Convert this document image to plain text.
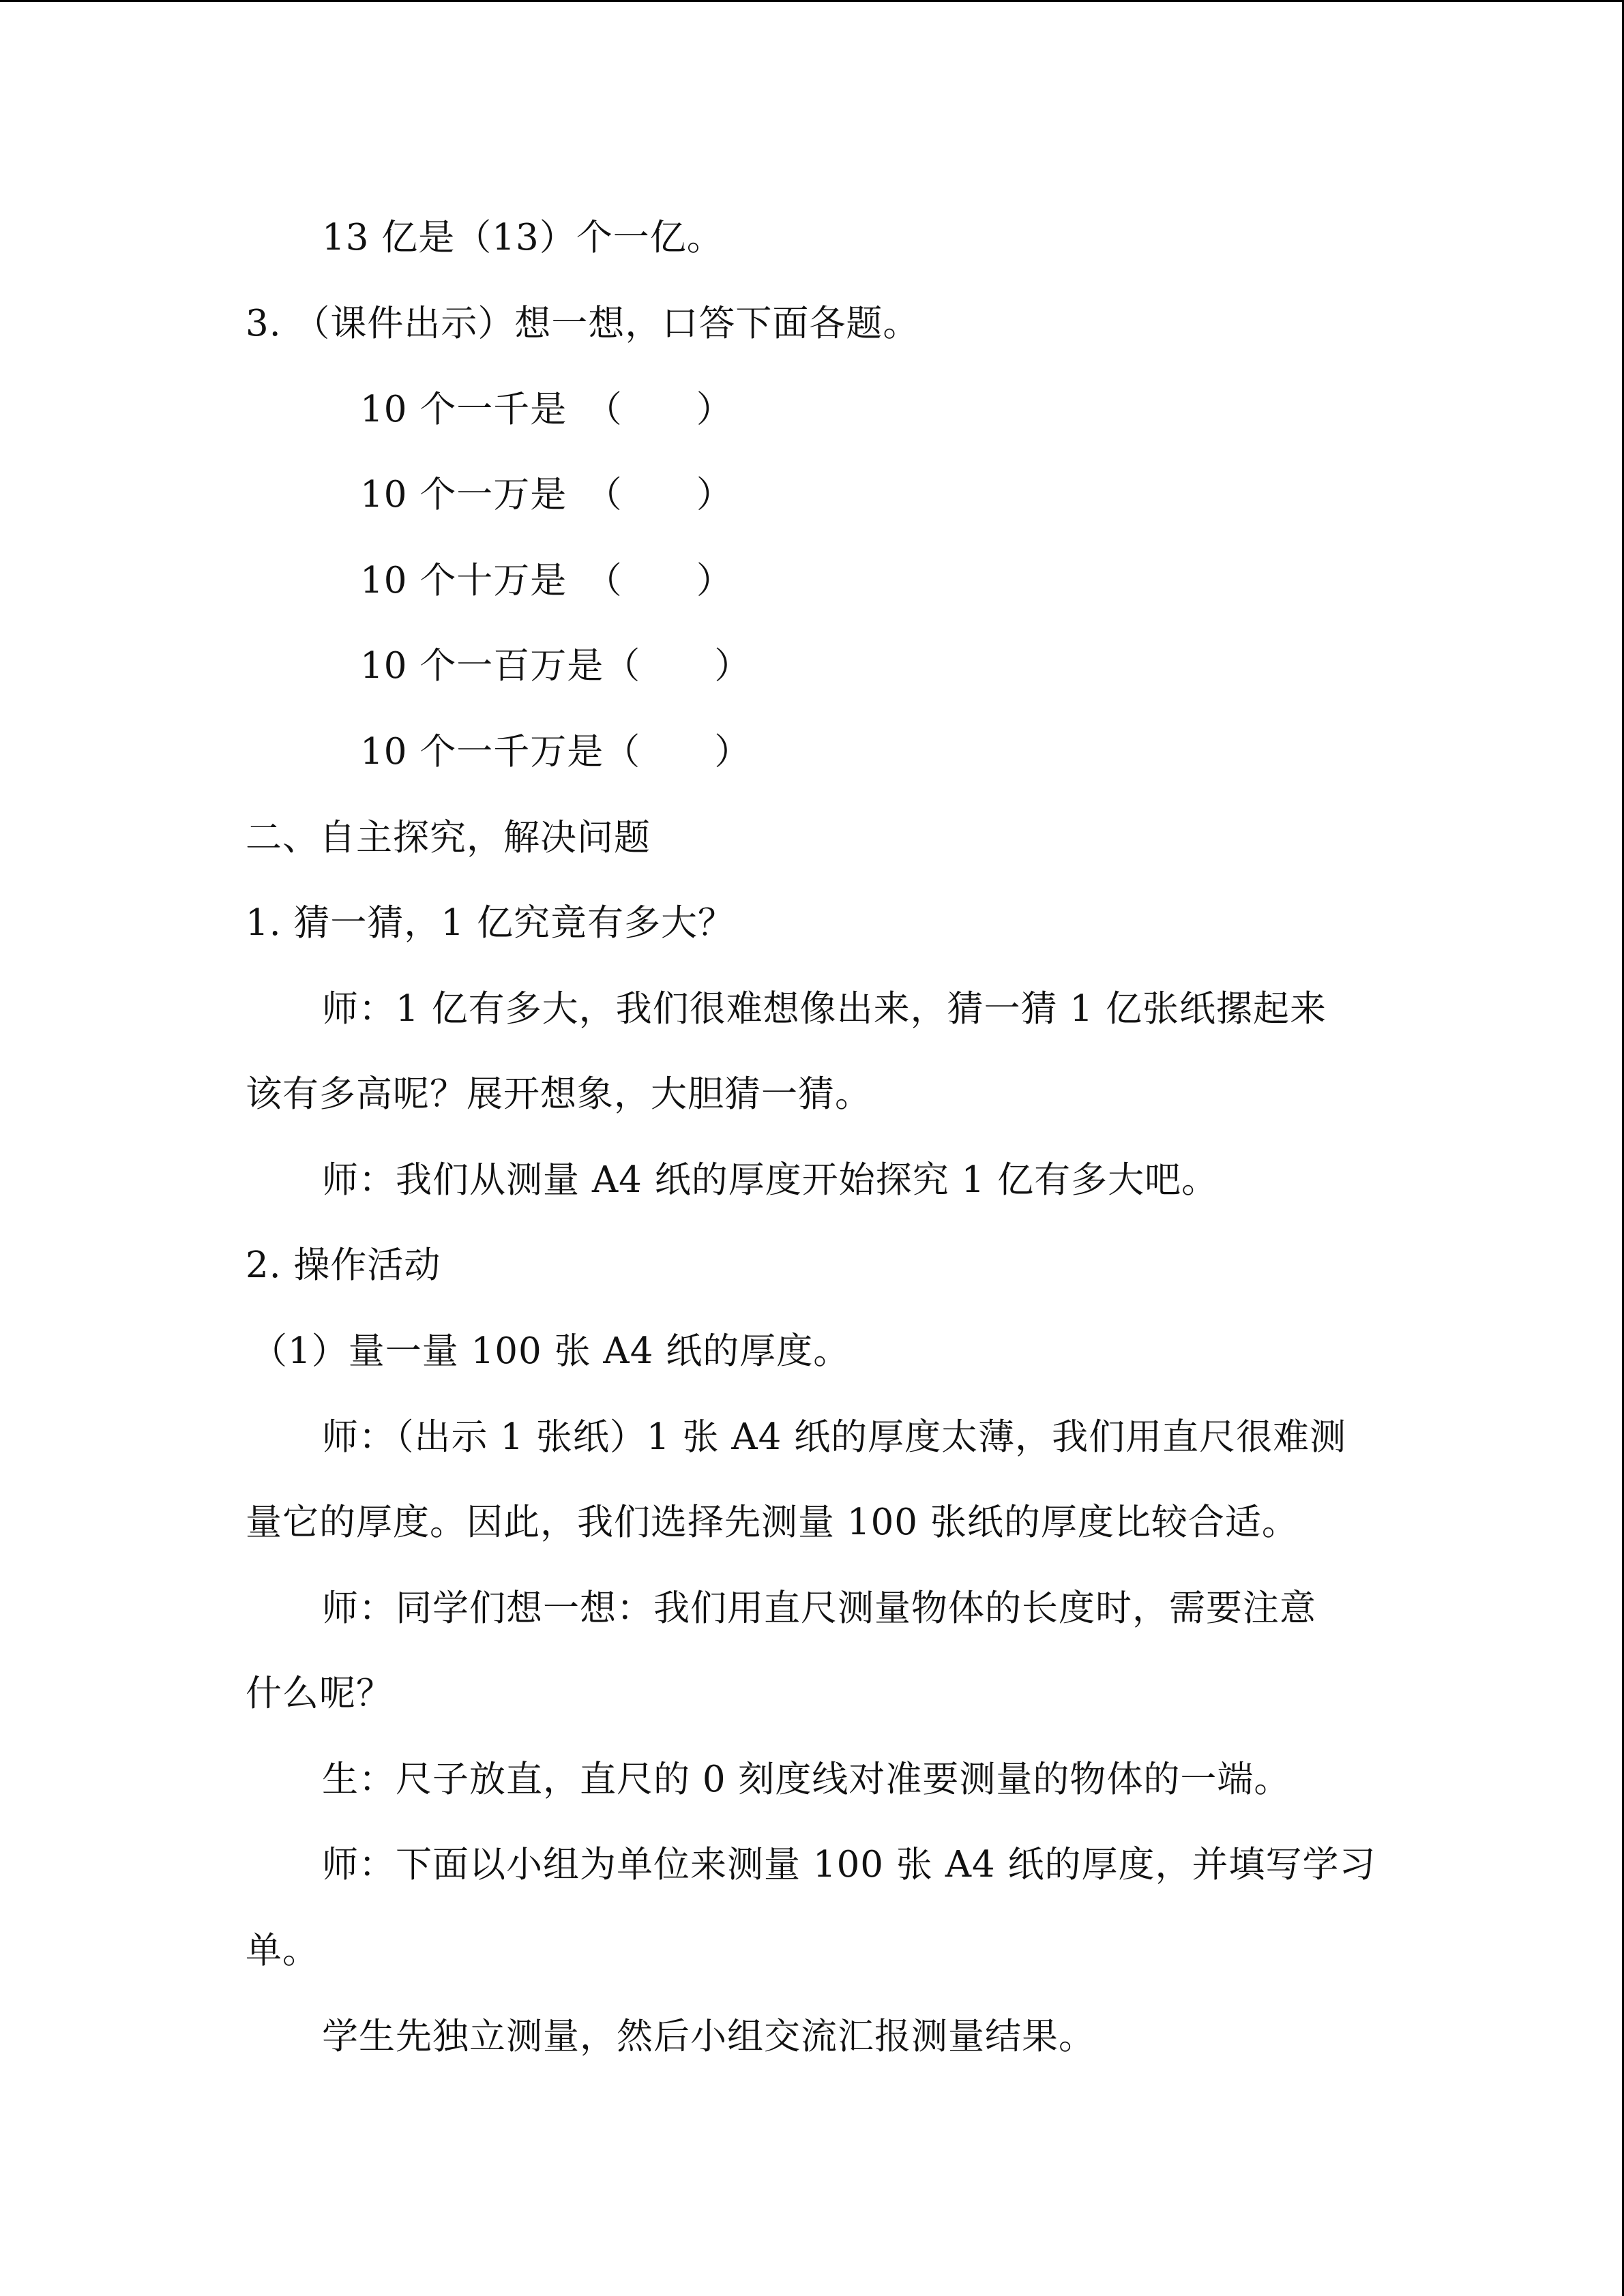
13 亿是（13）个一亿。
3. （课件出示）想一想，口答下面各题。
10 个一千是　（　　）
10 个一万是　（　　）
10 个十万是　（　　）
10 个一百万是（　　）
10 个一千万是（　　）
二、自主探究，解决问题
1. 猜一猜，1 亿究竟有多大？
师：1 亿有多大，我们很难想像出来，猜一猜 1 亿张纸摞起来
该有多高呢？展开想象，大胆猜一猜。
师：我们从测量 A4 纸的厚度开始探究 1 亿有多大吧。
2. 操作活动
（1）量一量 100 张 A4 纸的厚度。
师：（出示 1 张纸）1 张 A4 纸的厚度太薄，我们用直尺很难测
量它的厚度。因此，我们选择先测量 100 张纸的厚度比较合适。
师：同学们想一想：我们用直尺测量物体的长度时，需要注意
什么呢？
生：尺子放直，直尺的 0 刻度线对准要测量的物体的一端。
师：下面以小组为单位来测量 100 张 A4 纸的厚度，并填写学习
单。
学生先独立测量，然后小组交流汇报测量结果。
